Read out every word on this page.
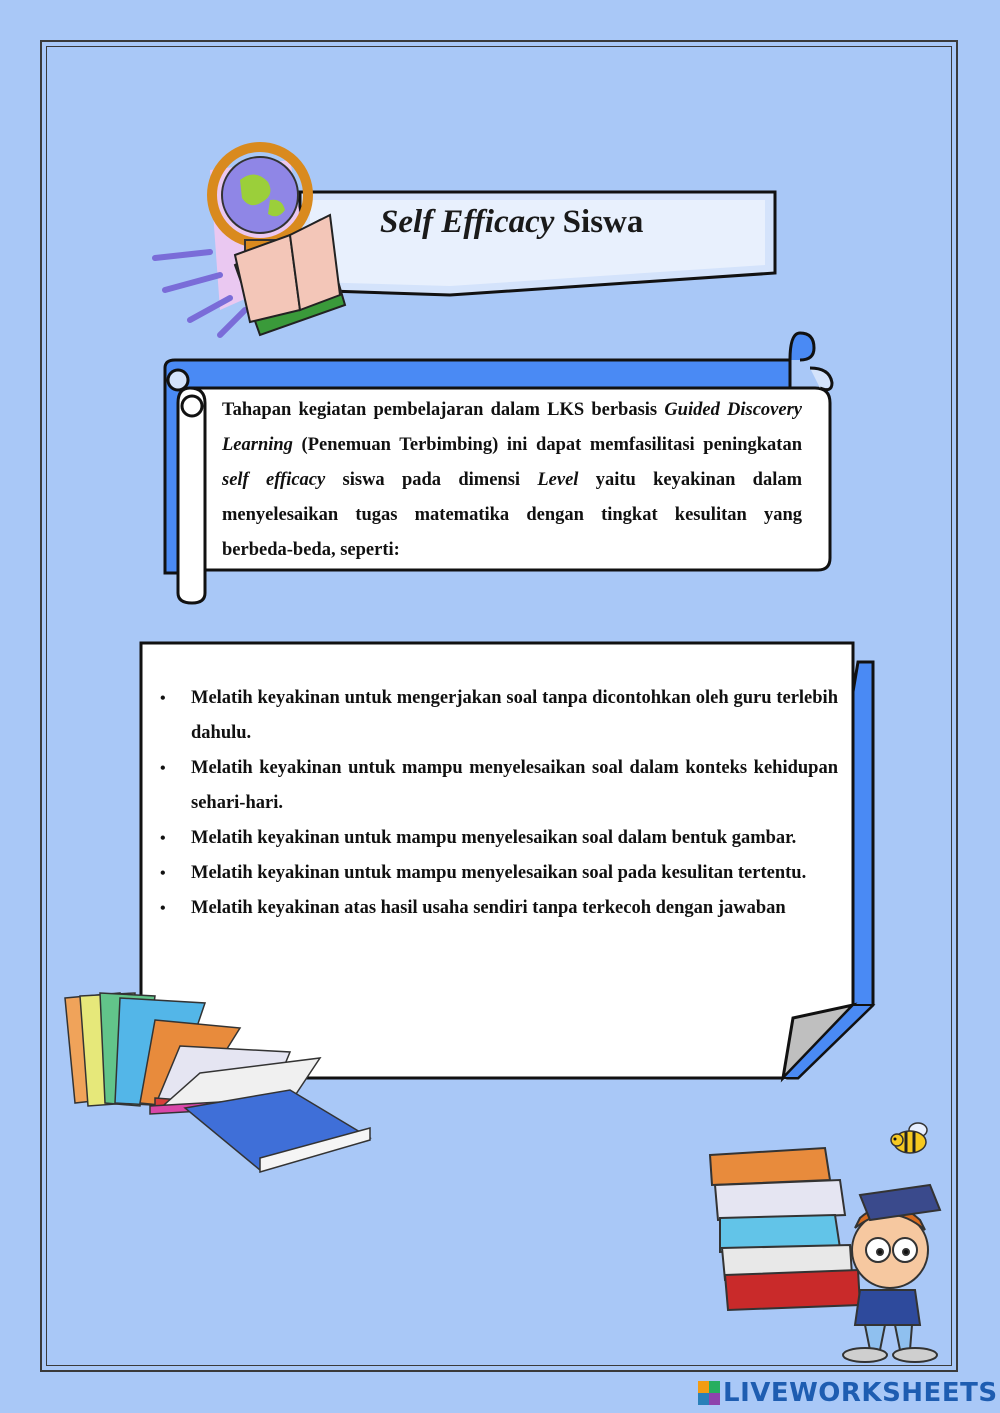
Self Efficacy Siswa
Tahapan kegiatan pembelajaran dalam LKS berbasis Guided Discovery Learning (Penemuan Terbimbing) ini dapat memfasilitasi peningkatan self efficacy siswa pada dimensi Level yaitu keyakinan dalam menyelesaikan tugas matematika dengan tingkat kesulitan yang berbeda-beda, seperti:
• Melatih keyakinan untuk mengerjakan soal tanpa dicontohkan oleh guru terlebih dahulu.
• Melatih keyakinan untuk mampu menyelesaikan soal dalam konteks kehidupan sehari-hari.
• Melatih keyakinan untuk mampu menyelesaikan soal dalam bentuk gambar.
• Melatih keyakinan untuk mampu menyelesaikan soal pada kesulitan tertentu.
• Melatih keyakinan atas hasil usaha sendiri tanpa terkecoh dengan jawaban
LIVEWORKSHEETS
